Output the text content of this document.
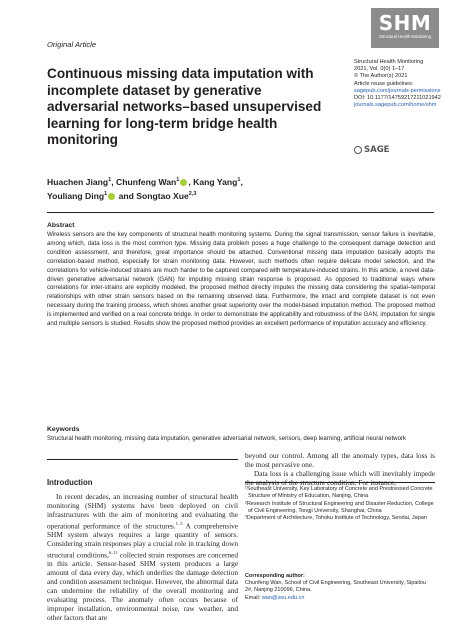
Original Article
SHM
Structural Health Monitoring
Structural Health Monitoring
2021, Vol. 0(0) 1–17
© The Author(s) 2021
Article reuse guidelines:
sagepub.com/journals-permissions
DOI: 10.1177/14759217211021942
journals.sagepub.com/home/shm
SAGE
Continuous missing data imputation with incomplete dataset by generative adversarial networks–based unsupervised learning for long-term bridge health monitoring
Huachen Jiang$^1$, Chunfeng Wan$^1$ , Kang Yang$^1$,
Youliang Ding$^1$ and Songtao Xue$^{2,3}$
Abstract
Wireless sensors are the key components of structural health monitoring systems. During the signal transmission, sensor failure is inevitable, among which, data loss is the most common type. Missing data problem poses a huge challenge to the consequent damage detection and condition assessment, and therefore, great importance should be attached. Conventional missing data imputation basically adopts the correlation-based method, especially for strain monitoring data. However, such methods often require delicate model selection, and the correlations for vehicle-induced strains are much harder to be captured compared with temperature-induced strains. In this article, a novel data-driven generative adversarial network (GAN) for imputing missing strain response is proposed. As opposed to traditional ways where correlations for inter-strains are explicitly modeled, the proposed method directly imputes the missing data considering the spatial–temporal relationships with other strain sensors based on the remaining observed data. Furthermore, the intact and complete dataset is not even necessary during the training process, which shows another great superiority over the model-based imputation method. The proposed method is implemented and verified on a real concrete bridge. In order to demonstrate the applicability and robustness of the GAN, imputation for single and multiple sensors is studied. Results show the proposed method provides an excellent performance of imputation accuracy and efficiency.
Keywords
Structural health monitoring, missing data imputation, generative adversarial network, sensors, deep learning, artificial neural network
Introduction

In recent decades, an increasing number of structural health monitoring (SHM) systems have been deployed on civil infrastructures with the aim of monitoring and evaluating the operational performance of the structures.$^{1-5}$ A comprehensive SHM system always requires a large quantity of sensors. Considering strain responses play a crucial role in tracking down structural conditions,$^{6-11}$ collected strain responses are concerned in this article. Sensor-based SHM system produces a large amount of data every day, which underlies the damage detection and condition assessment technique. However, the abnormal data can undermine the reliability of the overall monitoring and evaluating process. The anomaly often occurs because of improper installation, environmental noise, raw weather, and other factors that are

beyond our control. Among all the anomaly types, data loss is the most pervasive one.

Data loss is a challenging issue which will inevitably impede the analysis of the structure condition. For instance,

¹Southeast University, Key Laboratory of Concrete and Prestressed Concrete Structure of Ministry of Education, Nanjing, China
²Research Institute of Structural Engineering and Disaster Reduction, College of Civil Engineering, Tongji University, Shanghai, China
³Department of Architecture, Tohoku Institute of Technology, Sendai, Japan
Corresponding author:
Chunfeng Wan, School of Civil Engineering, Southeast University, Sipailou 2#, Nanjing 210096, China.
Email: wan@seu.edu.cn
